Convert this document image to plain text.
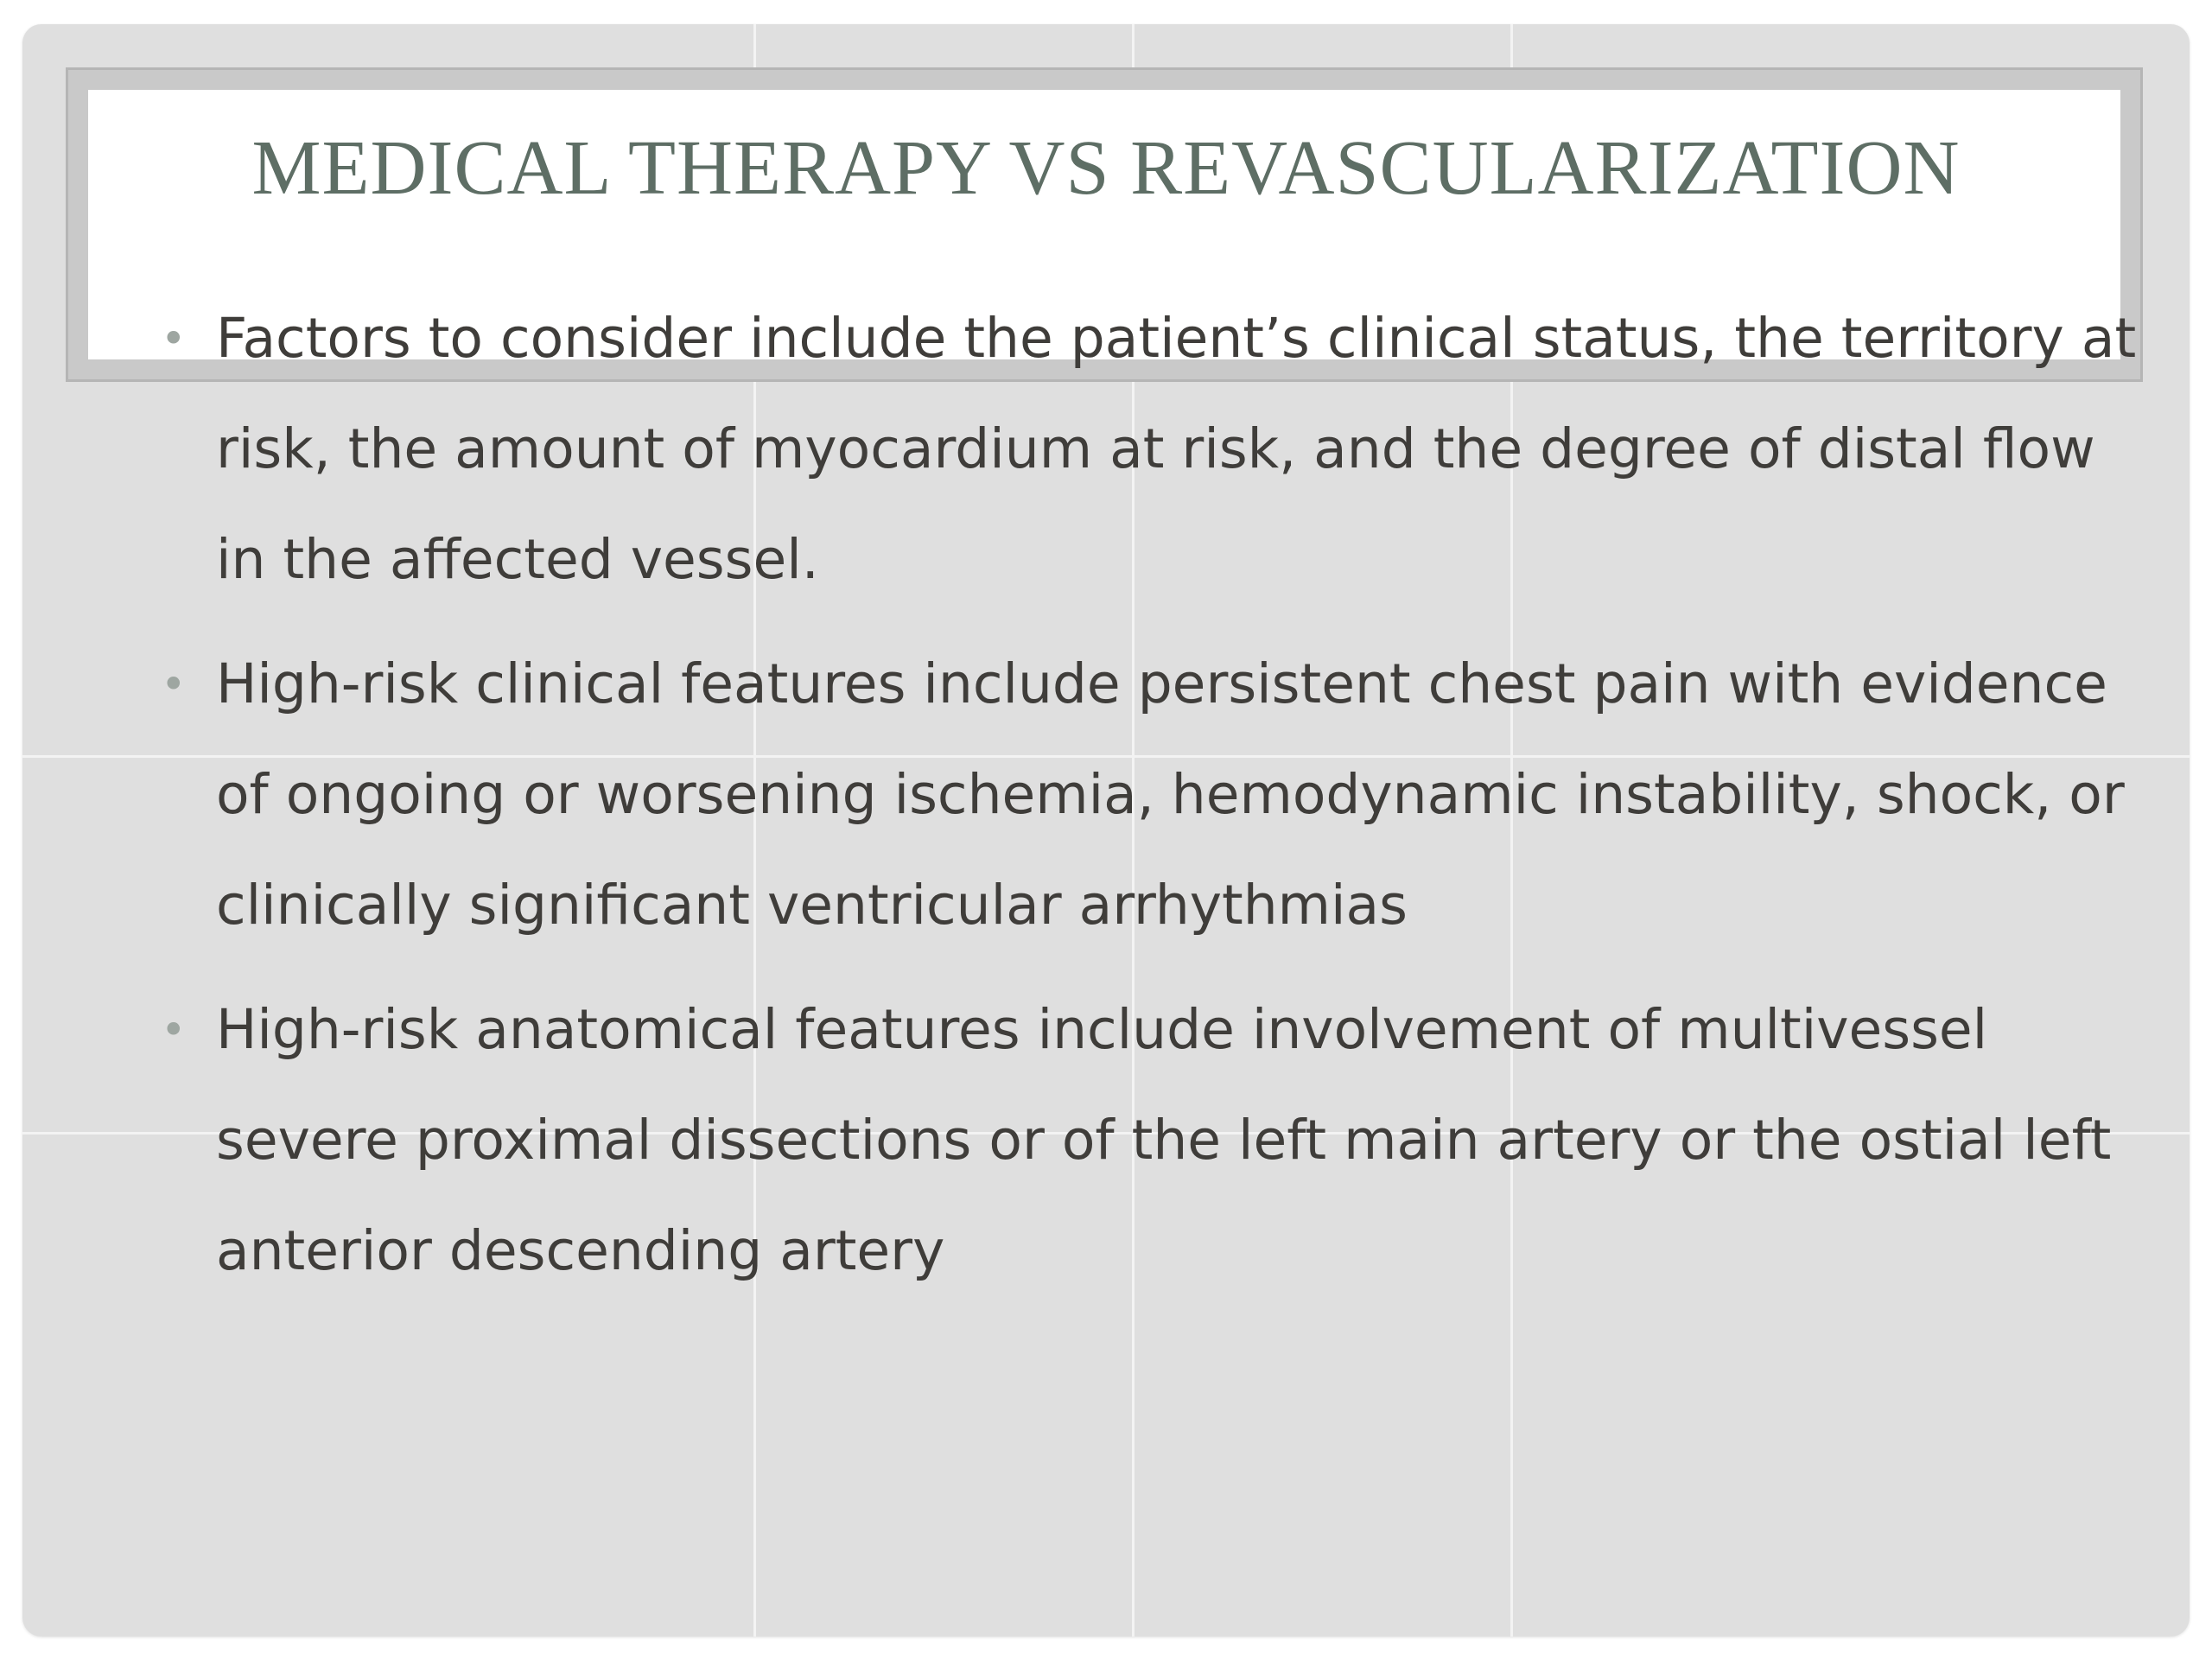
MEDICAL THERAPY VS REVASCULARIZATION
• Factors to consider include the patient’s clinical status, the territory at risk, the amount of myocardium at risk, and the degree of distal flow in the affected vessel.
• High-risk clinical features include persistent chest pain with evidence of ongoing or worsening ischemia, hemodynamic instability, shock, or clinically significant ventricular arrhythmias
• High-risk anatomical features include involvement of multivessel severe proximal dissections or of the left main artery or the ostial left anterior descending artery
